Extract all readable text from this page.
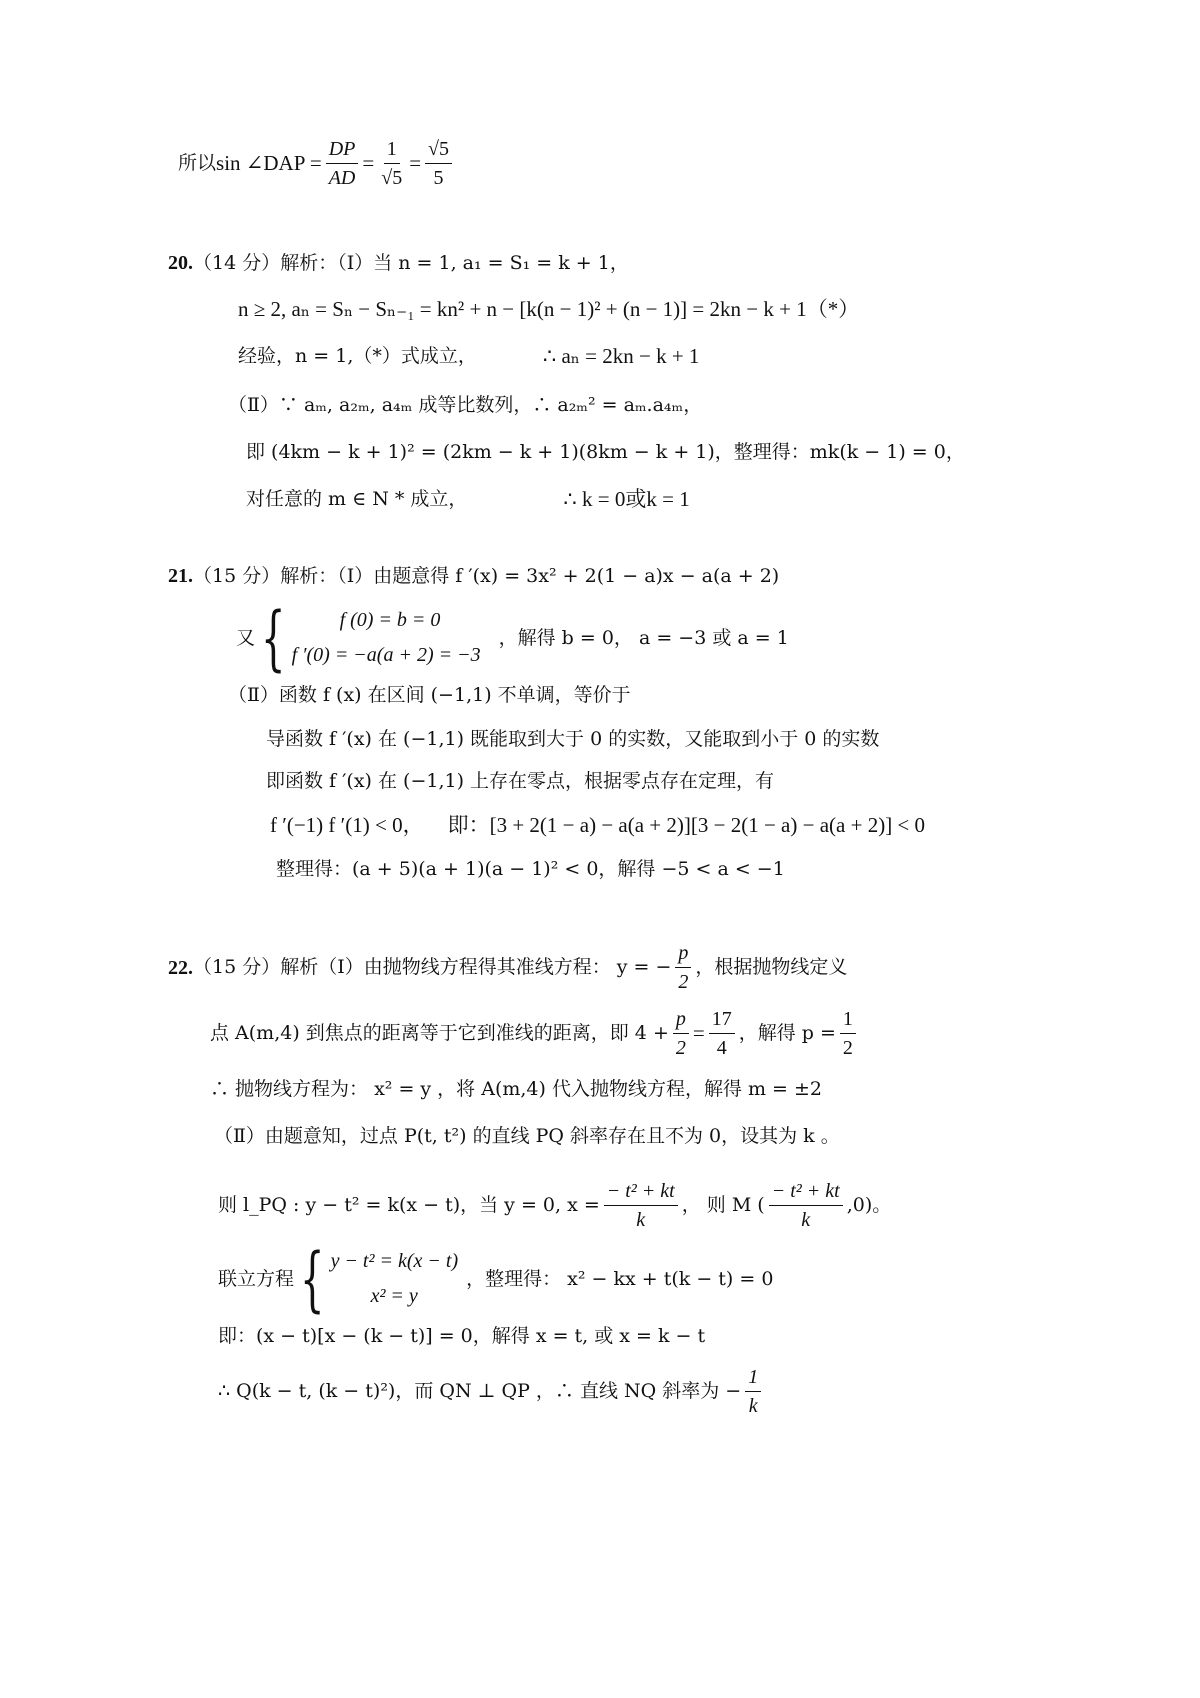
所以 sin ∠DAP = $\frac{DP}{AD} = \frac{1}{√5} = \frac{√5}{5}$
20. （14 分）解析：（Ⅰ）当 n = 1, a₁ = S₁ = k + 1，
n ≥ 2, aₙ = Sₙ − Sₙ₋₁ = kn² + n − [k(n − 1)² + (n − 1)] = 2kn − k + 1（*）
经验，n = 1,（*）式成立，	∴ aₙ = 2kn − k + 1
（Ⅱ）∵ aₘ, a₂ₘ, a₄ₘ 成等比数列，∴ a₂ₘ² = aₘ.a₄ₘ，
即 (4km − k + 1)² = (2km − k + 1)(8km − k + 1)，整理得：mk(k − 1) = 0，
对任意的 m ∈ N * 成立，	∴ k = 0或k = 1
21. （15 分）解析：（Ⅰ）由题意得 f ′(x) = 3x² + 2(1 − a)x − a(a + 2)
又 {	f (0) = b = 0
f ′(0) = −a(a + 2) = −3
，解得 b = 0， a = −3 或 a = 1
（Ⅱ）函数 f (x) 在区间 (−1,1) 不单调，等价于
导函数 f ′(x) 在 (−1,1) 既能取到大于 0 的实数，又能取到小于 0 的实数
即函数 f ′(x) 在 (−1,1) 上存在零点，根据零点存在定理，有
f ′(−1) f ′(1) < 0， 即：[3 + 2(1 − a) − a(a + 2)][3 − 2(1 − a) − a(a + 2)] < 0
整理得：(a + 5)(a + 1)(a − 1)² < 0，解得 −5 < a < −1
22. （15 分）解析（Ⅰ）由抛物线方程得其准线方程： y = − $\frac{p}{2}$ ，根据抛物线定义
点 A(m,4) 到焦点的距离等于它到准线的距离，即 $4 + \frac{p}{2} = \frac{17}{4}$ ，解得 $p = \frac{1}{2}$
∴ 抛物线方程为： x² = y ，将 A(m,4) 代入抛物线方程，解得 m = ±2
（Ⅱ）由题意知，过点 P(t, t²) 的直线 PQ 斜率存在且不为 0，设其为 k 。
则 l_PQ : y − t² = k(x − t)，当 y = 0, $x = \frac{\text{− t² + kt}}{k}$ ， 则 M ( $\frac{\text{− t² + kt}}{k} ,0$)。
联立方程 { y − t² = k(x − t)
x² = y
，整理得： x² − kx + t(k − t) = 0
即：(x − t)[x − (k − t)] = 0，解得 x = t, 或 x = k − t
∴ Q(k − t, (k − t)²)，而 QN ⊥ QP ，∴ 直线 NQ 斜率为 − $\frac{1}{k}$
